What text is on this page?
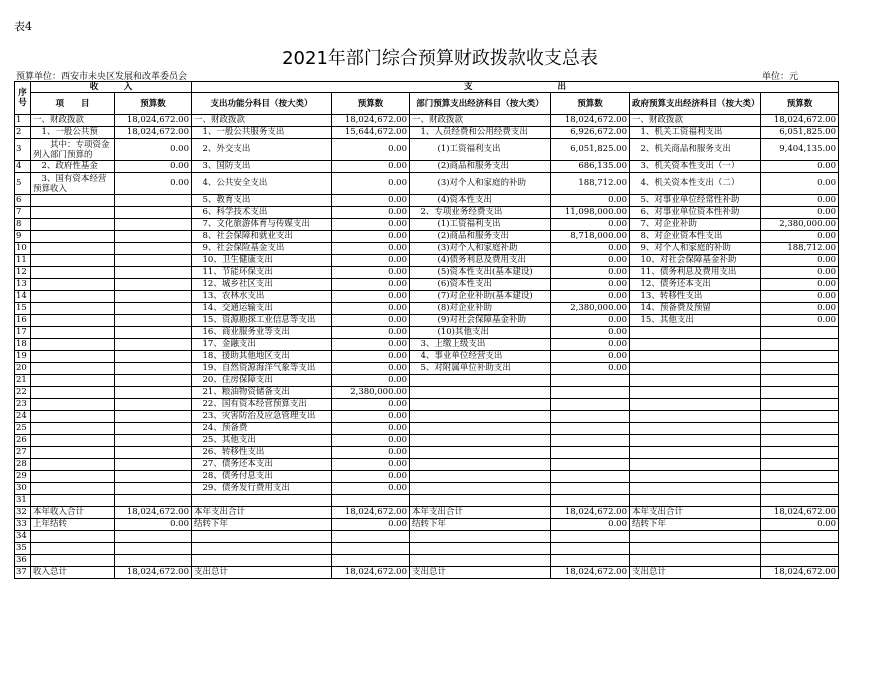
表4
2021年部门综合预算财政拨款收支总表
预算单位：西安市未央区发展和改革委员会	单位：元
序号	收　　　入		支　　　　　　　　　　出					
	项　　目	预算数	支出功能分科目（按大类）	预算数	部门预算支出经济科目（按大类）	预算数	政府预算支出经济科目（按大类）	预算数
1	一、财政拨款	18,024,672.00	一、财政拨款	18,024,672.00	一、财政拨款	18,024,672.00	一、财政拨款	18,024,672.00
2	　1、一般公共预	18,024,672.00	　1、一般公共服务支出	15,644,672.00	　1、人员经费和公用经费支出	6,926,672.00	　1、机关工资福利支出	6,051,825.00
3	　　其中：专项资金列入部门预算的	0.00	　2、外交支出	0.00	　　　(1)工资福利支出	6,051,825.00	　2、机关商品和服务支出	9,404,135.00
4	　2、政府性基金	0.00	　3、国防支出	0.00	　　　(2)商品和服务支出	686,135.00	　3、机关资本性支出（一）	0.00
5	　3、国有资本经营预算收入	0.00	　4、公共安全支出	0.00	　　　(3)对个人和家庭的补助	188,712.00	　4、机关资本性支出（二）	0.00
6			　5、教育支出	0.00	　　　(4)资本性支出	0.00	　5、对事业单位经常性补助	0.00
7			　6、科学技术支出	0.00	　2、专项业务经费支出	11,098,000.00	　6、对事业单位资本性补助	0.00
8			　7、文化旅游体育与传媒支出	0.00	　　　(1)工资福利支出	0.00	　7、对企业补助	2,380,000.00
9			　8、社会保障和就业支出	0.00	　　　(2)商品和服务支出	8,718,000.00	　8、对企业资本性支出	0.00
10			　9、社会保险基金支出	0.00	　　　(3)对个人和家庭补助	0.00	　9、对个人和家庭的补助	188,712.00
11			　10、卫生健康支出	0.00	　　　(4)债务利息及费用支出	0.00	　10、对社会保障基金补助	0.00
12			　11、节能环保支出	0.00	　　　(5)资本性支出(基本建设)	0.00	　11、债务利息及费用支出	0.00
13			　12、城乡社区支出	0.00	　　　(6)资本性支出	0.00	　12、债务还本支出	0.00
14			　13、农林水支出	0.00	　　　(7)对企业补助(基本建设)	0.00	　13、转移性支出	0.00
15			　14、交通运输支出	0.00	　　　(8)对企业补助	2,380,000.00	　14、预备费及预留	0.00
16			　15、资源勘探工业信息等支出	0.00	　　　(9)对社会保障基金补助	0.00	　15、其他支出	0.00
17			　16、商业服务业等支出	0.00	　　　(10)其他支出	0.00		
18			　17、金融支出	0.00	　3、上缴上级支出	0.00		
19			　18、援助其他地区支出	0.00	　4、事业单位经营支出	0.00		
20			　19、自然资源海洋气象等支出	0.00	　5、对附属单位补助支出	0.00		
21			　20、住房保障支出	0.00				
22			　21、粮油物资储备支出	2,380,000.00				
23			　22、国有资本经营预算支出	0.00				
24			　23、灾害防治及应急管理支出	0.00				
25			　24、预备费	0.00				
26			　25、其他支出	0.00				
27			　26、转移性支出	0.00				
28			　27、债务还本支出	0.00				
29			　28、债务付息支出	0.00				
30			　29、债务发行费用支出	0.00				
31								
32	本年收入合计	18,024,672.00	本年支出合计	18,024,672.00	本年支出合计	18,024,672.00	本年支出合计	18,024,672.00
33	上年结转	0.00	结转下年	0.00	结转下年	0.00	结转下年	0.00
34								
35								
36								
37	收入总计	18,024,672.00	支出总计	18,024,672.00	支出总计	18,024,672.00	支出总计	18,024,672.00
